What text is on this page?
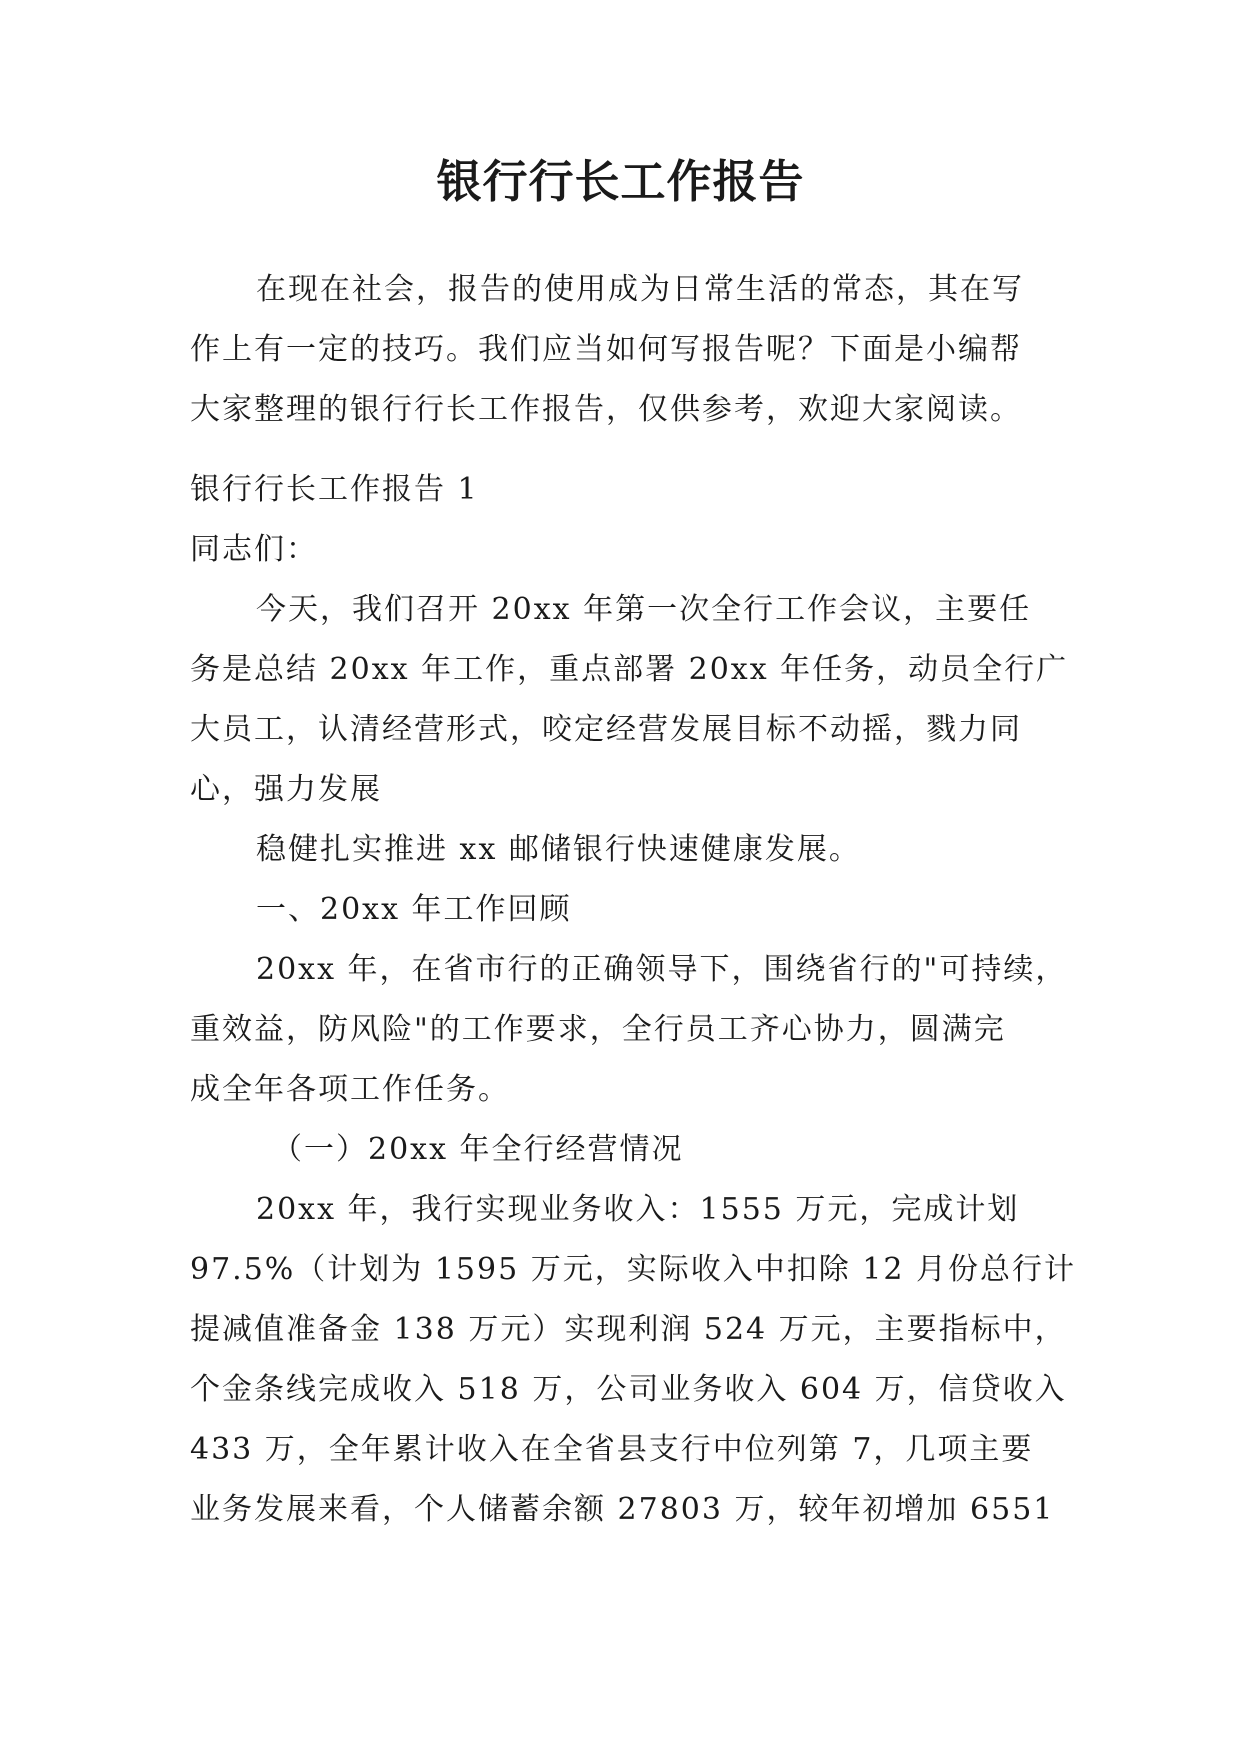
银行行长工作报告
在现在社会，报告的使用成为日常生活的常态，其在写
作上有一定的技巧。我们应当如何写报告呢？下面是小编帮
大家整理的银行行长工作报告，仅供参考，欢迎大家阅读。
银行行长工作报告 1
同志们：
今天，我们召开 20xx 年第一次全行工作会议，主要任
务是总结 20xx 年工作，重点部署 20xx 年任务，动员全行广
大员工，认清经营形式，咬定经营发展目标不动摇，戮力同
心，强力发展
稳健扎实推进 xx 邮储银行快速健康发展。
一、20xx 年工作回顾
20xx 年，在省市行的正确领导下，围绕省行的"可持续，
重效益，防风险"的工作要求，全行员工齐心协力，圆满完
成全年各项工作任务。
（一）20xx 年全行经营情况
20xx 年，我行实现业务收入：1555 万元，完成计划
97.5%（计划为 1595 万元，实际收入中扣除 12 月份总行计
提减值准备金 138 万元）实现利润 524 万元，主要指标中，
个金条线完成收入 518 万，公司业务收入 604 万，信贷收入
433 万，全年累计收入在全省县支行中位列第 7，几项主要
业务发展来看，个人储蓄余额 27803 万，较年初增加 6551
